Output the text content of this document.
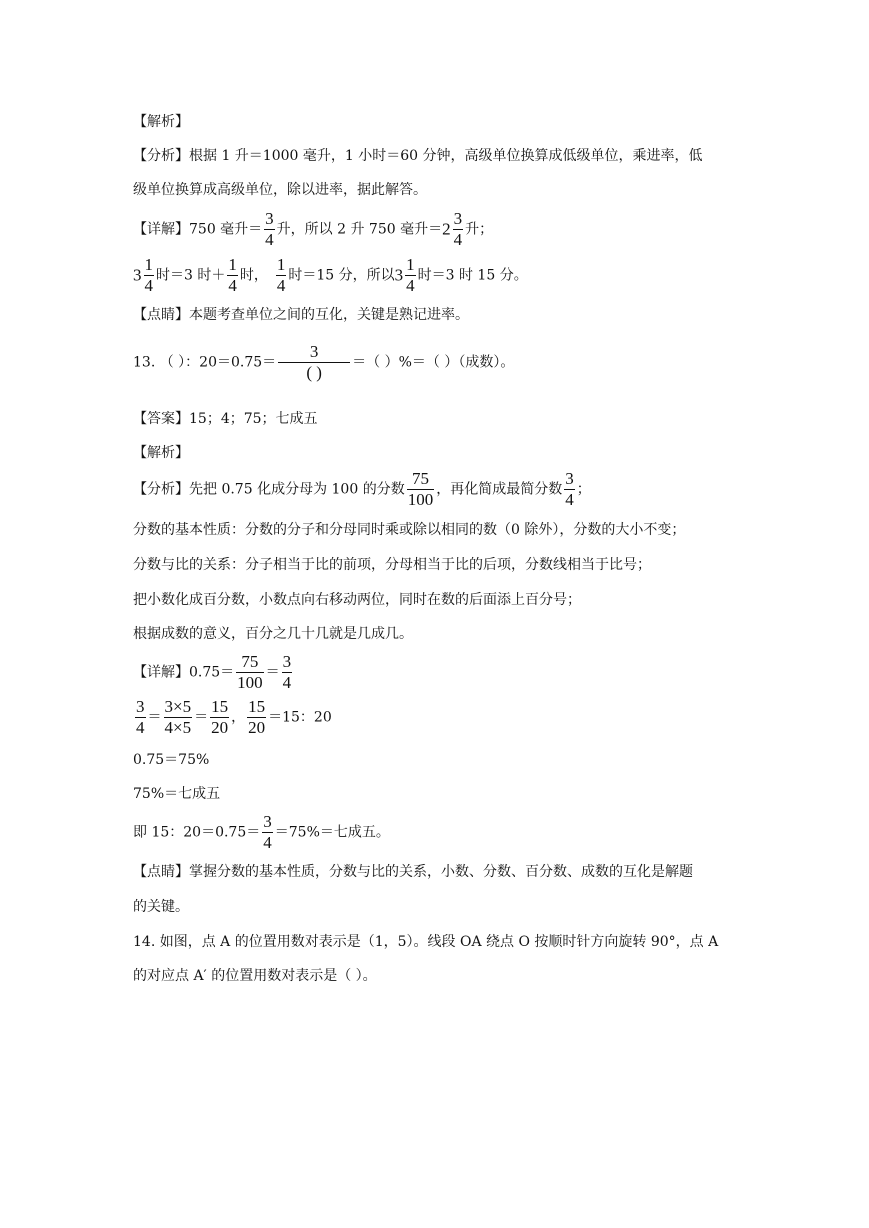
【解析】
【分析】根据 1 升＝1000 毫升，1 小时＝60 分钟，高级单位换算成低级单位，乘进率，低
级单位换算成高级单位，除以进率，据此解答。
【详解】750 毫升＝ $\frac{3}{4}$ 升，所以 2 升 750 毫升$=2 \frac{3}{4}$ 升；
$3 \frac{1}{4}$ 时＝3 时＋ $\frac{1}{4}$ 时， $\frac{1}{4}$ 时＝15 分，所以$3 \frac{1}{4}$ 时＝3 时 15 分。
【点睛】本题考查单位之间的互化，关键是熟记进率。
13. （ ）：20＝0.75＝
3
( )
＝（ ）%＝（ ）（成数）。
【答案】15；4；75；七成五
【解析】
【分析】先把 0.75 化成分母为 100 的分数 $\frac{75}{100}$ ，再化简成最简分数 $\frac{3}{4}$ ；
分数的基本性质：分数的分子和分母同时乘或除以相同的数（0 除外），分数的大小不变；
分数与比的关系：分子相当于比的前项，分母相当于比的后项，分数线相当于比号；
把小数化成百分数，小数点向右移动两位，同时在数的后面添上百分号；
根据成数的意义，百分之几十几就是几成几。
【详解】$0.75= \frac{75}{100} = \frac{3}{4}$
$\frac{3}{4} = \frac{3\times 5}{4\times 5} = \frac{15}{20}$ ， $\frac{15}{20} =15$：20
0.75＝75%
75%＝七成五
即 15：$20=0.75= \frac{3}{4} =75\%=$七成五。
【点睛】掌握分数的基本性质，分数与比的关系，小数、分数、百分数、成数的互化是解题
的关键。
14. 如图，点 A 的位置用数对表示是（1，5）。线段 OA 绕点 O 按顺时针方向旋转 90°，点 A
的对应点 A′ 的位置用数对表示是（ ）。
